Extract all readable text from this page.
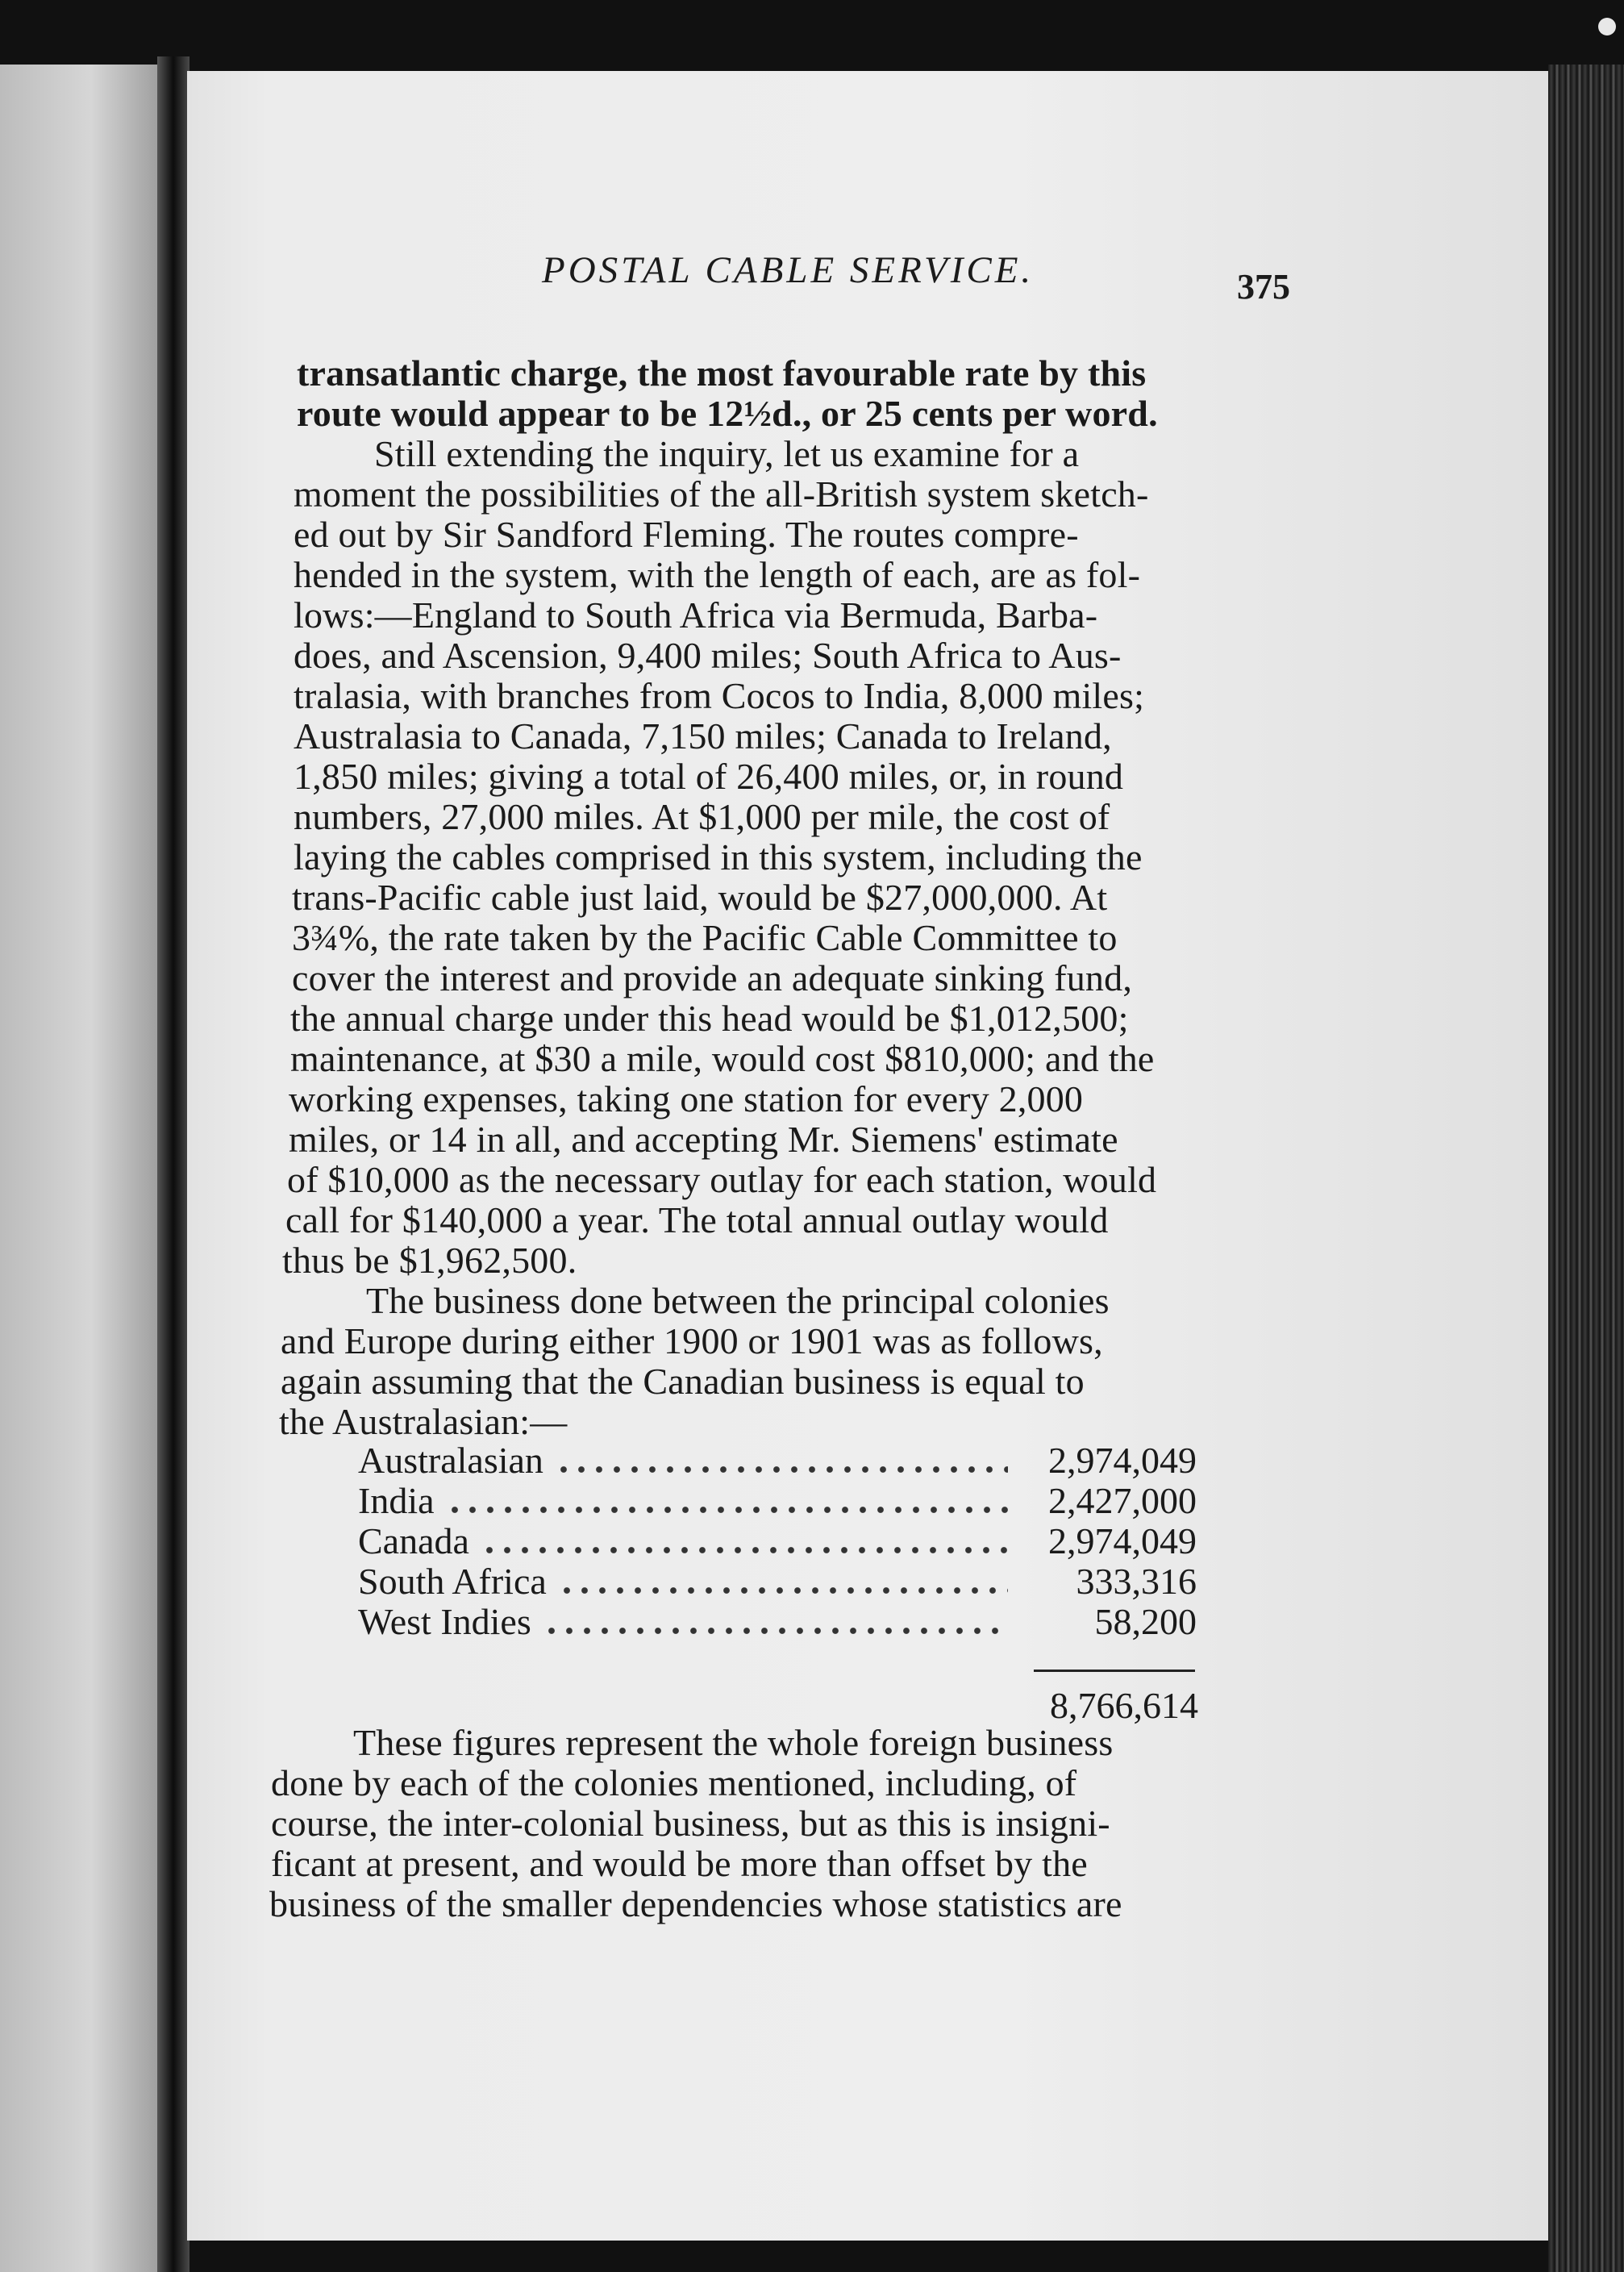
POSTAL CABLE SERVICE.	375
transatlantic charge, the most favourable rate by this
route would appear to be 12½d., or 25 cents per word.
Still extending the inquiry, let us examine for a
moment the possibilities of the all-British system sketch-
ed out by Sir Sandford Fleming. The routes compre-
hended in the system, with the length of each, are as fol-
lows:—England to South Africa via Bermuda, Barba-
does, and Ascension, 9,400 miles; South Africa to Aus-
tralasia, with branches from Cocos to India, 8,000 miles;
Australasia to Canada, 7,150 miles; Canada to Ireland,
1,850 miles; giving a total of 26,400 miles, or, in round
numbers, 27,000 miles. At $1,000 per mile, the cost of
laying the cables comprised in this system, including the
trans-Pacific cable just laid, would be $27,000,000. At
3¾%, the rate taken by the Pacific Cable Committee to
cover the interest and provide an adequate sinking fund,
the annual charge under this head would be $1,012,500;
maintenance, at $30 a mile, would cost $810,000; and the
working expenses, taking one station for every 2,000
miles, or 14 in all, and accepting Mr. Siemens' estimate
of $10,000 as the necessary outlay for each station, would
call for $140,000 a year. The total annual outlay would
thus be $1,962,500.
The business done between the principal colonies
and Europe during either 1900 or 1901 was as follows,
again assuming that the Canadian business is equal to
the Australasian:—
Australasian	2,974,049
India	2,427,000
Canada	2,974,049
South Africa	333,316
West Indies	58,200
8,766,614
These figures represent the whole foreign business
done by each of the colonies mentioned, including, of
course, the inter-colonial business, but as this is insigni-
ficant at present, and would be more than offset by the
business of the smaller dependencies whose statistics are
